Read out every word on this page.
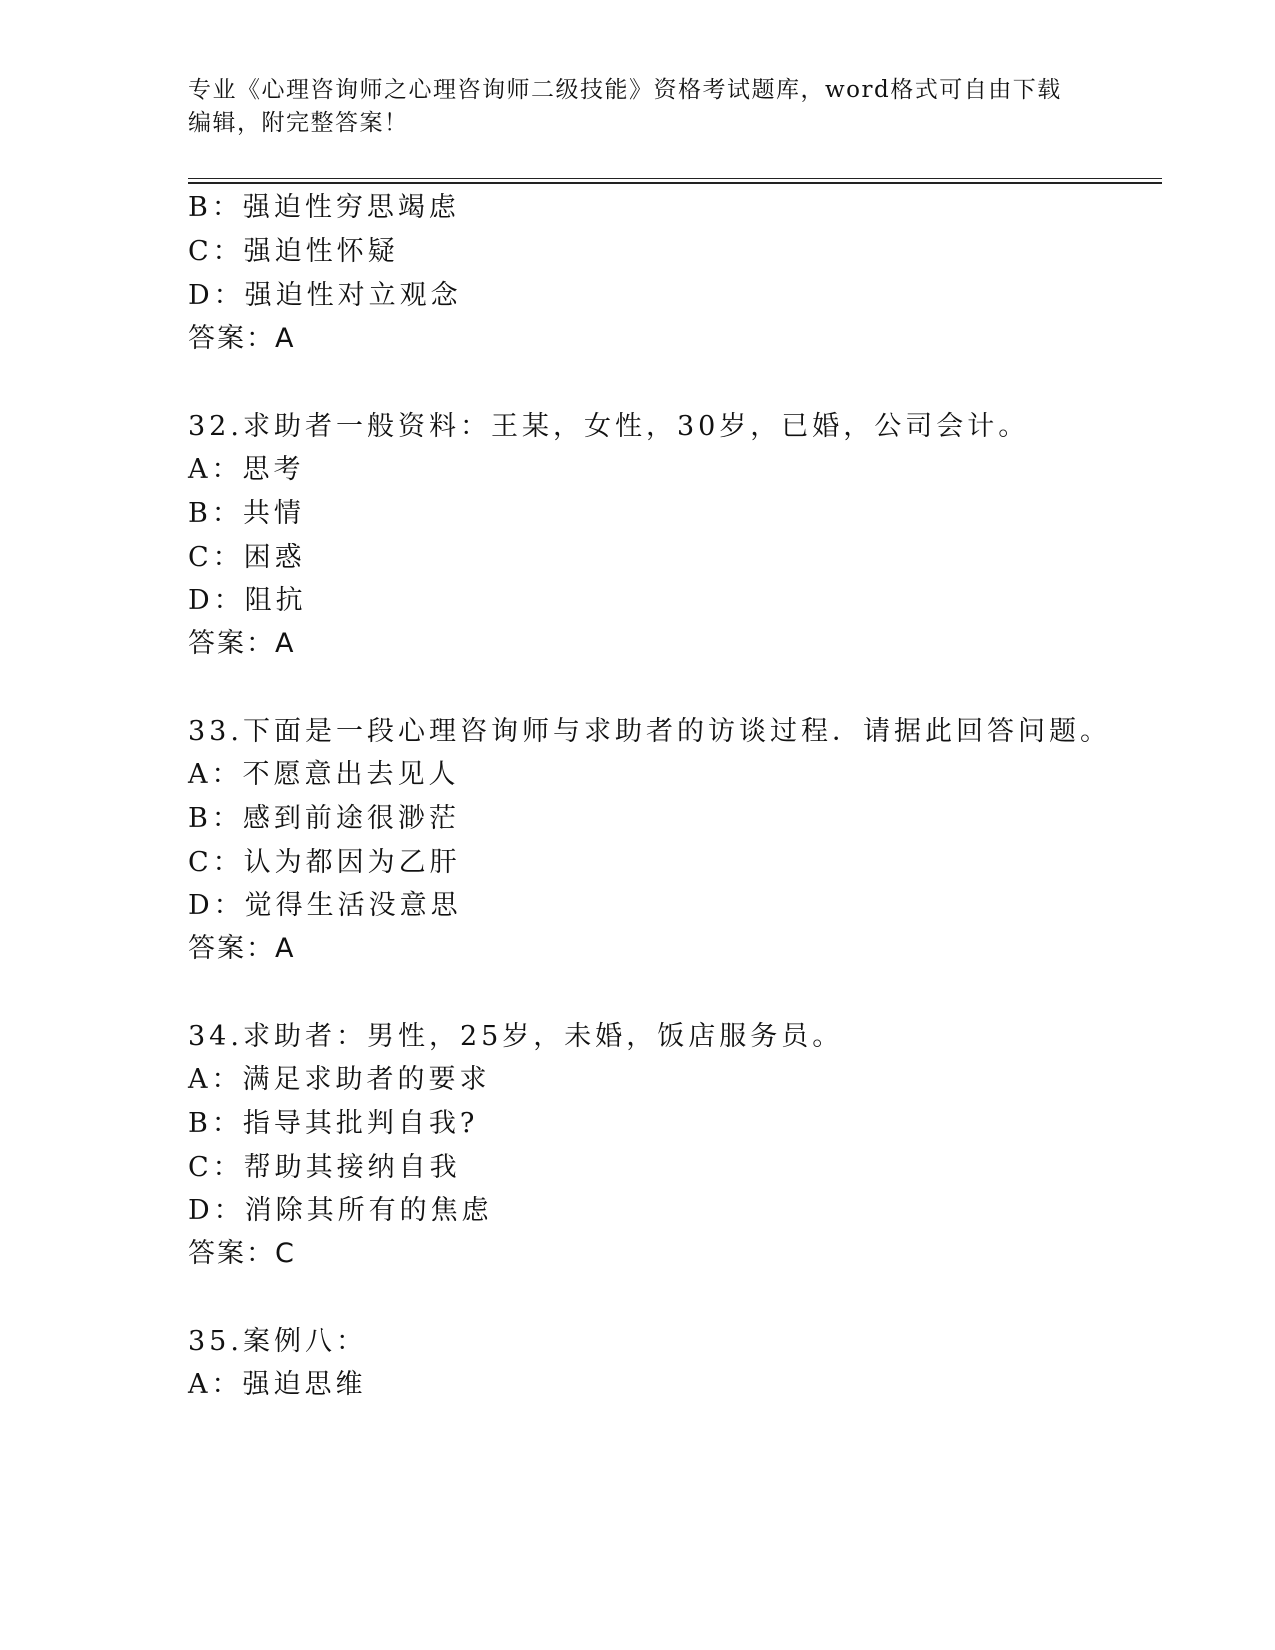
专业《心理咨询师之心理咨询师二级技能》资格考试题库，word格式可自由下载
编辑，附完整答案！
B：强迫性穷思竭虑
C：强迫性怀疑
D：强迫性对立观念
答案：A
32.求助者一般资料：王某，女性，30岁，已婚，公司会计。
A：思考
B：共情
C：困惑
D：阻抗
答案：A
33.下面是一段心理咨询师与求助者的访谈过程．请据此回答问题。
A：不愿意出去见人
B：感到前途很渺茫
C：认为都因为乙肝
D：觉得生活没意思
答案：A
34.求助者：男性，25岁，未婚，饭店服务员。
A：满足求助者的要求
B：指导其批判自我?
C：帮助其接纳自我
D：消除其所有的焦虑
答案：C
35.案例八：
A：强迫思维
